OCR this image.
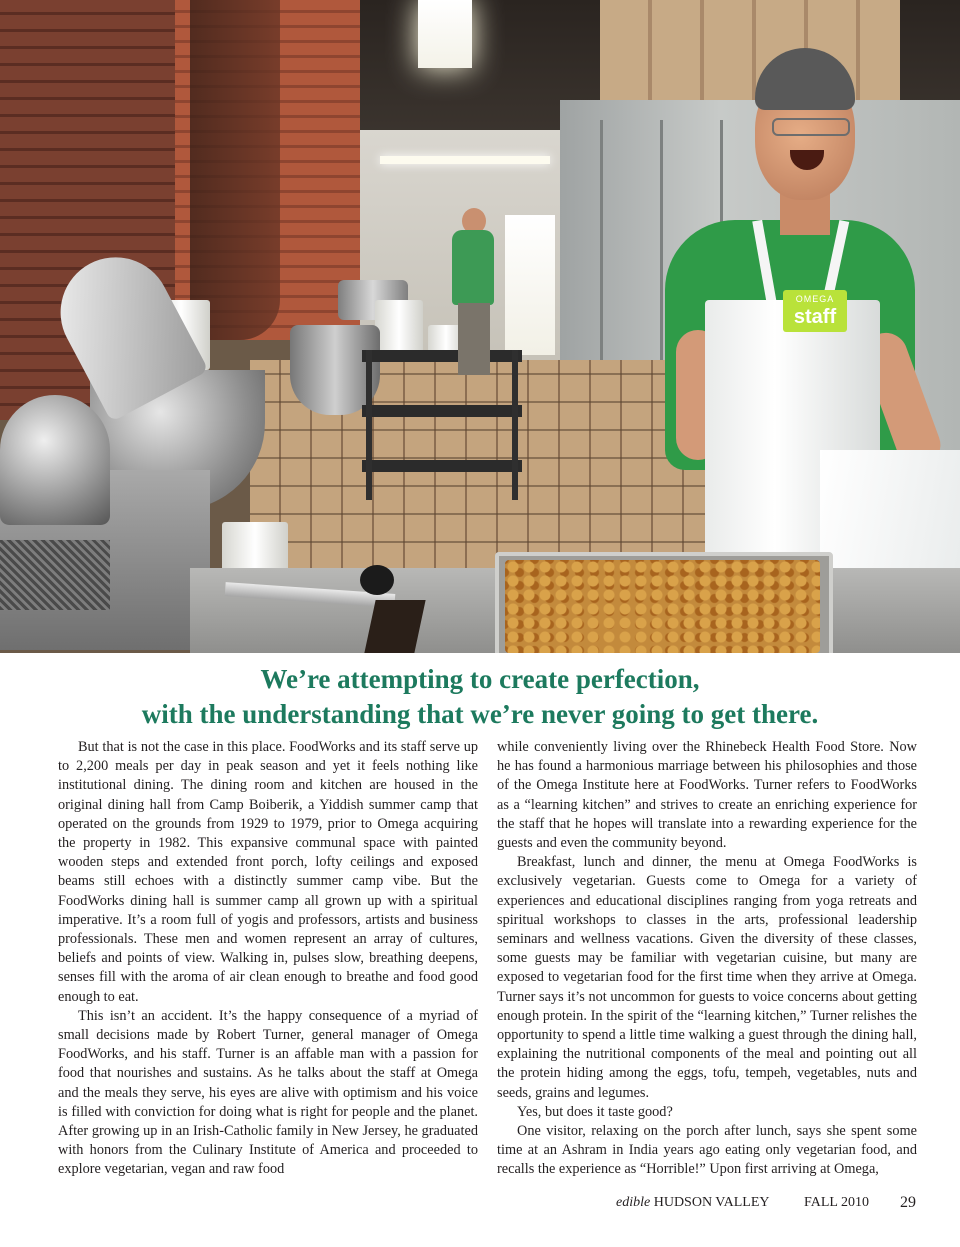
OMEGA
staff
We’re attempting to create perfection,
with the understanding that we’re never going to get there.

But that is not the case in this place. FoodWorks and its staff serve up to 2,200 meals per day in peak season and yet it feels nothing like institutional dining. The dining room and kitchen are housed in the original dining hall from Camp Boiberik, a Yiddish summer camp that operated on the grounds from 1929 to 1979, prior to Omega acquiring the property in 1982. This expansive communal space with painted wooden steps and extended front porch, lofty ceilings and exposed beams still echoes with a distinctly summer camp vibe. But the FoodWorks dining hall is summer camp all grown up with a spiritual imperative. It’s a room full of yogis and professors, artists and business professionals. These men and women represent an array of cultures, beliefs and points of view. Walking in, pulses slow, breathing deepens, senses fill with the aroma of air clean enough to breathe and food good enough to eat.

This isn’t an accident. It’s the happy consequence of a myriad of small decisions made by Robert Turner, general manager of Omega FoodWorks, and his staff. Turner is an affable man with a passion for food that nourishes and sustains. As he talks about the staff at Omega and the meals they serve, his eyes are alive with optimism and his voice is filled with conviction for doing what is right for people and the planet. After growing up in an Irish-Catholic family in New Jersey, he graduated with honors from the Culinary Institute of America and proceeded to explore vegetarian, vegan and raw food

while conveniently living over the Rhinebeck Health Food Store. Now he has found a harmonious marriage between his philosophies and those of the Omega Institute here at FoodWorks. Turner refers to FoodWorks as a “learning kitchen” and strives to create an enriching experience for the staff that he hopes will translate into a rewarding experience for the guests and even the community beyond.

Breakfast, lunch and dinner, the menu at Omega FoodWorks is exclusively vegetarian. Guests come to Omega for a variety of experiences and educational disciplines ranging from yoga retreats and spiritual workshops to classes in the arts, professional leadership seminars and wellness vacations. Given the diversity of these classes, some guests may be familiar with vegetarian cuisine, but many are exposed to vegetarian food for the first time when they arrive at Omega. Turner says it’s not uncommon for guests to voice concerns about getting enough protein. In the spirit of the “learning kitchen,” Turner relishes the opportunity to spend a little time walking a guest through the dining hall, explaining the nutritional components of the meal and pointing out all the protein hiding among the eggs, tofu, tempeh, vegetables, nuts and seeds, grains and legumes.

Yes, but does it taste good?

One visitor, relaxing on the porch after lunch, says she spent some time at an Ashram in India years ago eating only vegetarian food, and recalls the experience as “Horrible!” Upon first arriving at Omega,

edible HUDSON VALLEY FALL 2010 29
